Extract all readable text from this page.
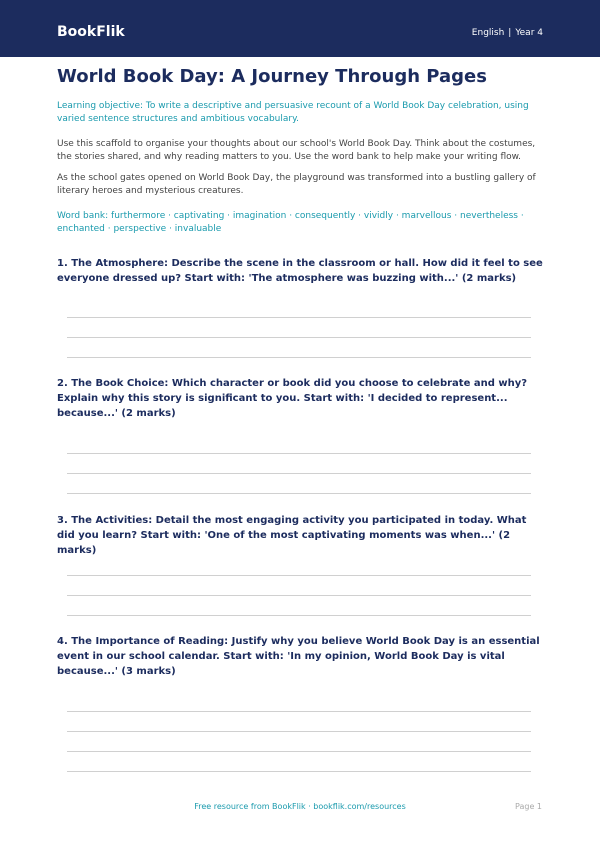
BookFlik	English | Year 4
World Book Day: A Journey Through Pages

Learning objective: To write a descriptive and persuasive recount of a World Book Day celebration, using varied sentence structures and ambitious vocabulary.

Use this scaffold to organise your thoughts about our school's World Book Day. Think about the costumes, the stories shared, and why reading matters to you. Use the word bank to help make your writing flow.

As the school gates opened on World Book Day, the playground was transformed into a bustling gallery of literary heroes and mysterious creatures.

Word bank: furthermore · captivating · imagination · consequently · vividly · marvellous · nevertheless · enchanted · perspective · invaluable

1. The Atmosphere: Describe the scene in the classroom or hall. How did it feel to see everyone dressed up? Start with: 'The atmosphere was buzzing with...' (2 marks)

2. The Book Choice: Which character or book did you choose to celebrate and why? Explain why this story is significant to you. Start with: 'I decided to represent... because...' (2 marks)

3. The Activities: Detail the most engaging activity you participated in today. What did you learn? Start with: 'One of the most captivating moments was when...' (2 marks)

4. The Importance of Reading: Justify why you believe World Book Day is an essential event in our school calendar. Start with: 'In my opinion, World Book Day is vital because...' (3 marks)

Free resource from BookFlik · bookflik.com/resources	Page 1
